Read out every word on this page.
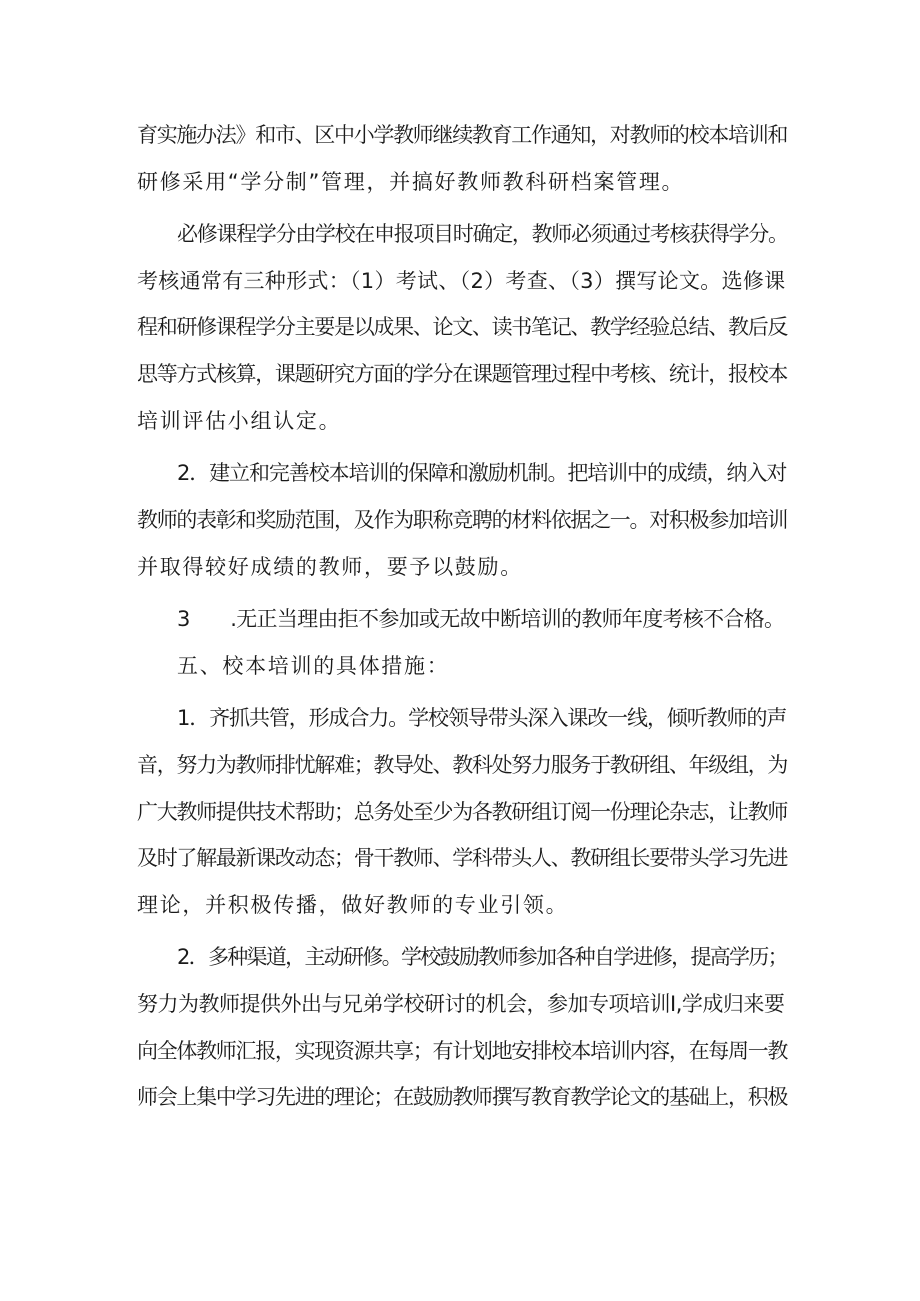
育实施办法》和市、区中小学教师继续教育工作通知，对教师的校本培训和
研修采用“学分制”管理，并搞好教师教科研档案管理。
必修课程学分由学校在申报项目时确定，教师必须通过考核获得学分。
考核通常有三种形式：（1）考试、（2）考查、（3）撰写论文。选修课
程和研修课程学分主要是以成果、论文、读书笔记、教学经验总结、教后反
思等方式核算，课题研究方面的学分在课题管理过程中考核、统计，报校本
培训评估小组认定。
2．建立和完善校本培训的保障和激励机制。把培训中的成绩，纳入对
教师的表彰和奖励范围，及作为职称竞聘的材料依据之一。对积极参加培训
并取得较好成绩的教师，要予以鼓励。
3　　.无正当理由拒不参加或无故中断培训的教师年度考核不合格。
五、校本培训的具体措施：
1．齐抓共管，形成合力。学校领导带头深入课改一线，倾听教师的声
音，努力为教师排忧解难；教导处、教科处努力服务于教研组、年级组，为
广大教师提供技术帮助；总务处至少为各教研组订阅一份理论杂志，让教师
及时了解最新课改动态；骨干教师、学科带头人、教研组长要带头学习先进
理论，并积极传播，做好教师的专业引领。
2．多种渠道，主动研修。学校鼓励教师参加各种自学进修，提高学历；
努力为教师提供外出与兄弟学校研讨的机会，参加专项培训I,学成归来要
向全体教师汇报，实现资源共享；有计划地安排校本培训内容，在每周一教
师会上集中学习先进的理论；在鼓励教师撰写教育教学论文的基础上，积极
